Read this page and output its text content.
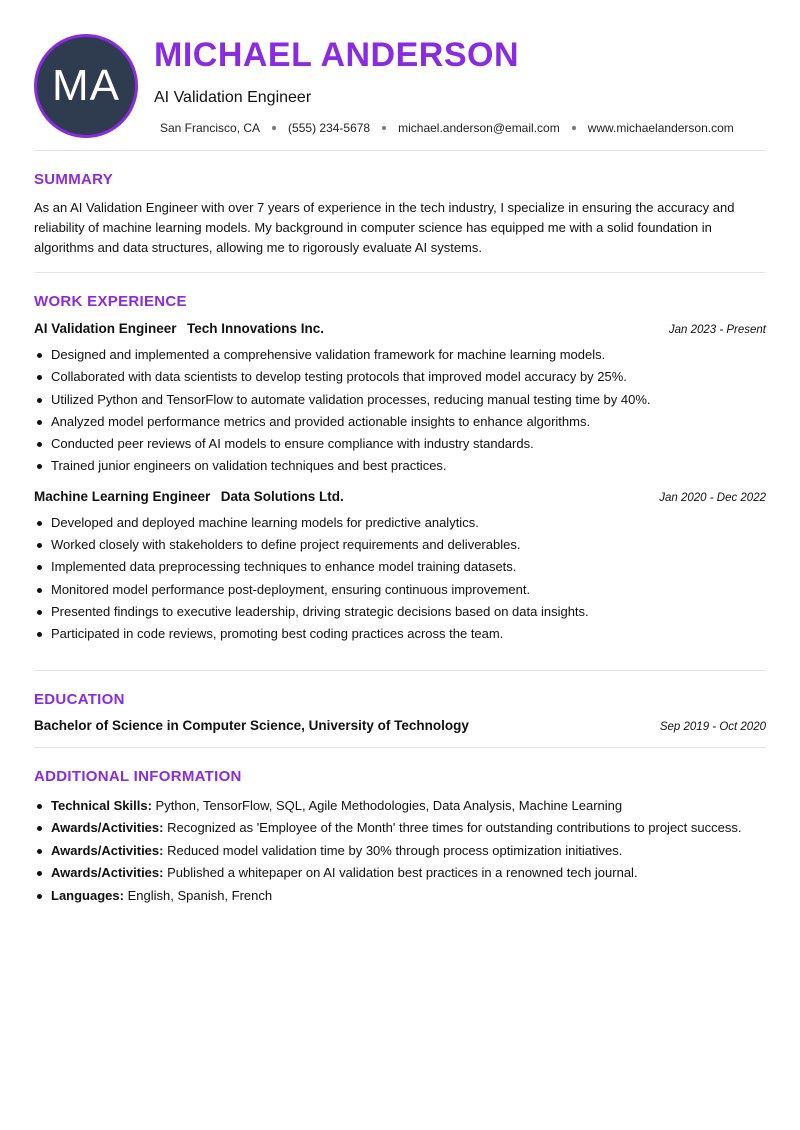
MA
MICHAEL ANDERSON
AI Validation Engineer
San Francisco, CA (555) 234-5678 michael.anderson@email.com www.michaelanderson.com
SUMMARY

As an AI Validation Engineer with over 7 years of experience in the tech industry, I specialize in ensuring the accuracy and reliability of machine learning models. My background in computer science has equipped me with a solid foundation in algorithms and data structures, allowing me to rigorously evaluate AI systems.

WORK EXPERIENCE
AI Validation Engineer Tech Innovations Inc.	Jan 2023 - Present
Designed and implemented a comprehensive validation framework for machine learning models.
Collaborated with data scientists to develop testing protocols that improved model accuracy by 25%.
Utilized Python and TensorFlow to automate validation processes, reducing manual testing time by 40%.
Analyzed model performance metrics and provided actionable insights to enhance algorithms.
Conducted peer reviews of AI models to ensure compliance with industry standards.
Trained junior engineers on validation techniques and best practices.
Machine Learning Engineer Data Solutions Ltd.	Jan 2020 - Dec 2022
Developed and deployed machine learning models for predictive analytics.
Worked closely with stakeholders to define project requirements and deliverables.
Implemented data preprocessing techniques to enhance model training datasets.
Monitored model performance post-deployment, ensuring continuous improvement.
Presented findings to executive leadership, driving strategic decisions based on data insights.
Participated in code reviews, promoting best coding practices across the team.
EDUCATION
Bachelor of Science in Computer Science, University of Technology	Sep 2019 - Oct 2020
ADDITIONAL INFORMATION
Technical Skills: Python, TensorFlow, SQL, Agile Methodologies, Data Analysis, Machine Learning
Awards/Activities: Recognized as 'Employee of the Month' three times for outstanding contributions to project success.
Awards/Activities: Reduced model validation time by 30% through process optimization initiatives.
Awards/Activities: Published a whitepaper on AI validation best practices in a renowned tech journal.
Languages: English, Spanish, French
